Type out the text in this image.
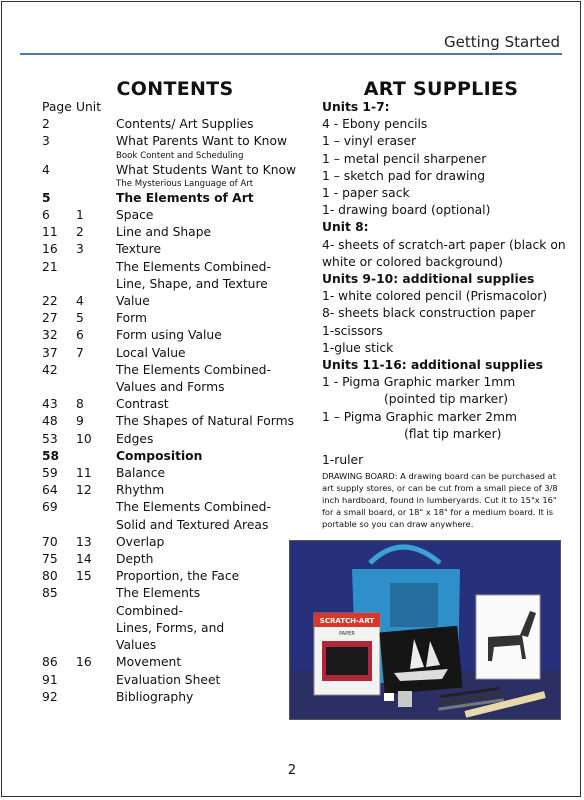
Getting Started
CONTENTS	ART SUPPLIES
Page Unit
2	Contents/ Art Supplies
3	What Parents Want to Know
Book Content and Scheduling
4	What Students Want to Know
The Mysterious Language of Art
5	The Elements of Art
6	1	Space
11	2	Line and Shape
16	3	Texture
21	The Elements Combined-
Line, Shape, and Texture
22	4	Value
27	5	Form
32	6	Form using Value
37	7	Local Value
42	The Elements Combined-
Values and Forms
43	8	Contrast
48	9	The Shapes of Natural Forms
53	10	Edges
58	Composition
59	11	Balance
64	12	Rhythm
69	The Elements Combined-
Solid and Textured Areas
70	13	Overlap
75	14	Depth
80	15	Proportion, the Face
85	The Elements
Combined-
Lines, Forms, and
Values
86	16	Movement
91	Evaluation Sheet
92	Bibliography
Units 1-7:
4 - Ebony pencils
1 – vinyl eraser
1 – metal pencil sharpener
1 – sketch pad for drawing
1 - paper sack
1- drawing board (optional)
Unit 8:
4- sheets of scratch-art paper (black on white or colored background)
Units 9-10: additional supplies
1- white colored pencil (Prismacolor)
8- sheets black construction paper
1-scissors
1-glue stick
Units 11-16: additional supplies
1 - Pigma Graphic marker 1mm
(pointed tip marker)
1 – Pigma Graphic marker 2mm
(flat tip marker)
1-ruler
DRAWING BOARD: A drawing board can be purchased at art supply stores, or can be cut from a small piece of 3/8 inch hardboard, found in lumberyards. Cut it to 15"x 16" for a small board, or 18" x 18" for a medium board. It is portable so you can draw anywhere.
SCRATCH-ART
PAPER
2
